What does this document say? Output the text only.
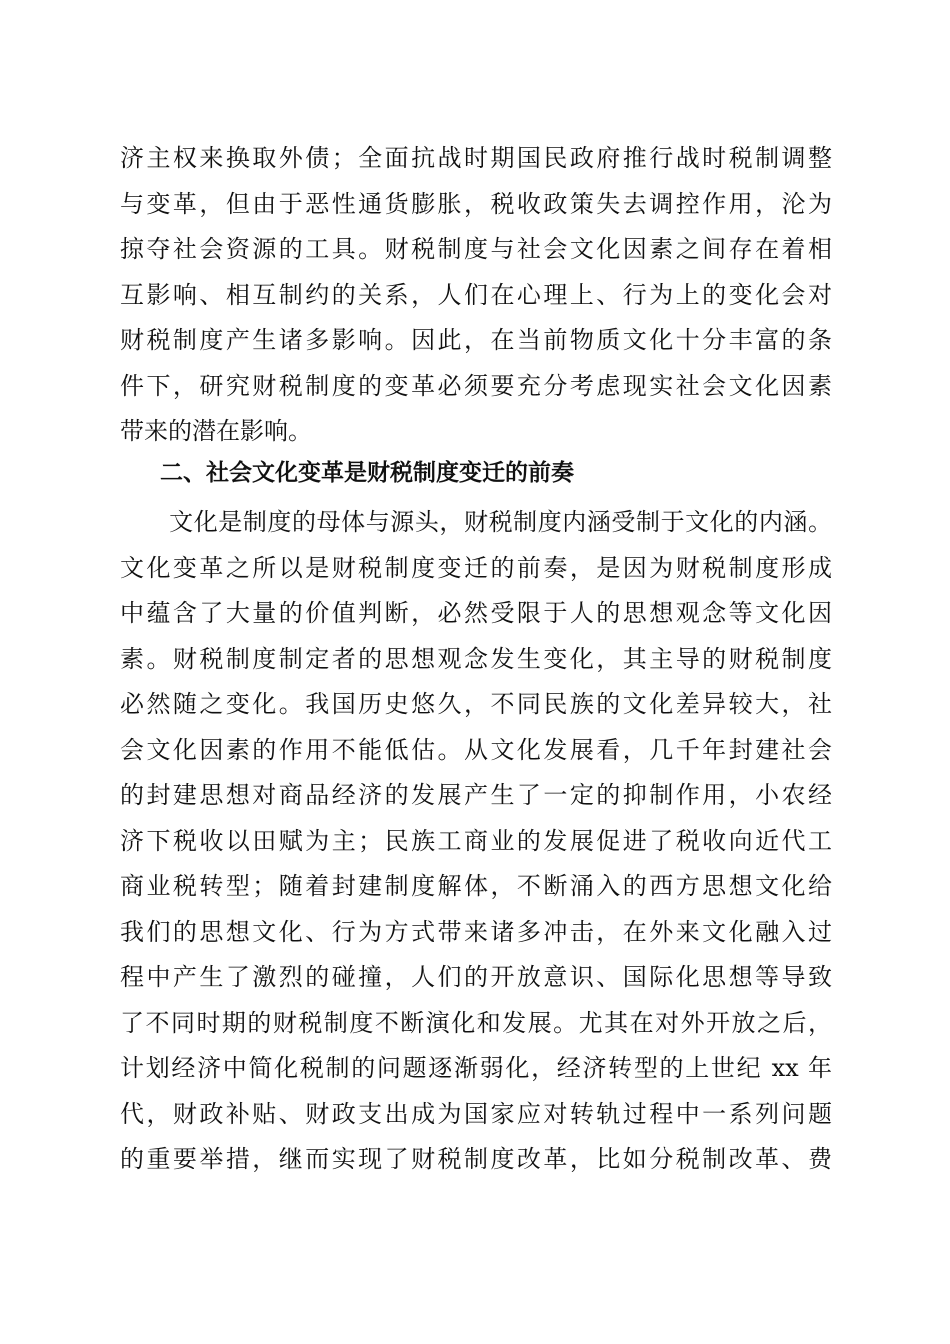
济主权来换取外债；全面抗战时期国民政府推行战时税制调整
与变革，但由于恶性通货膨胀，税收政策失去调控作用，沦为
掠夺社会资源的工具。财税制度与社会文化因素之间存在着相
互影响、相互制约的关系，人们在心理上、行为上的变化会对
财税制度产生诸多影响。因此，在当前物质文化十分丰富的条
件下，研究财税制度的变革必须要充分考虑现实社会文化因素
带来的潜在影响。
二、社会文化变革是财税制度变迁的前奏
　　文化是制度的母体与源头，财税制度内涵受制于文化的内涵。
文化变革之所以是财税制度变迁的前奏，是因为财税制度形成
中蕴含了大量的价值判断，必然受限于人的思想观念等文化因
素。财税制度制定者的思想观念发生变化，其主导的财税制度
必然随之变化。我国历史悠久，不同民族的文化差异较大，社
会文化因素的作用不能低估。从文化发展看，几千年封建社会
的封建思想对商品经济的发展产生了一定的抑制作用，小农经
济下税收以田赋为主；民族工商业的发展促进了税收向近代工
商业税转型；随着封建制度解体，不断涌入的西方思想文化给
我们的思想文化、行为方式带来诸多冲击，在外来文化融入过
程中产生了激烈的碰撞，人们的开放意识、国际化思想等导致
了不同时期的财税制度不断演化和发展。尤其在对外开放之后，
计划经济中简化税制的问题逐渐弱化，经济转型的上世纪 xx 年
代，财政补贴、财政支出成为国家应对转轨过程中一系列问题
的重要举措，继而实现了财税制度改革，比如分税制改革、费
